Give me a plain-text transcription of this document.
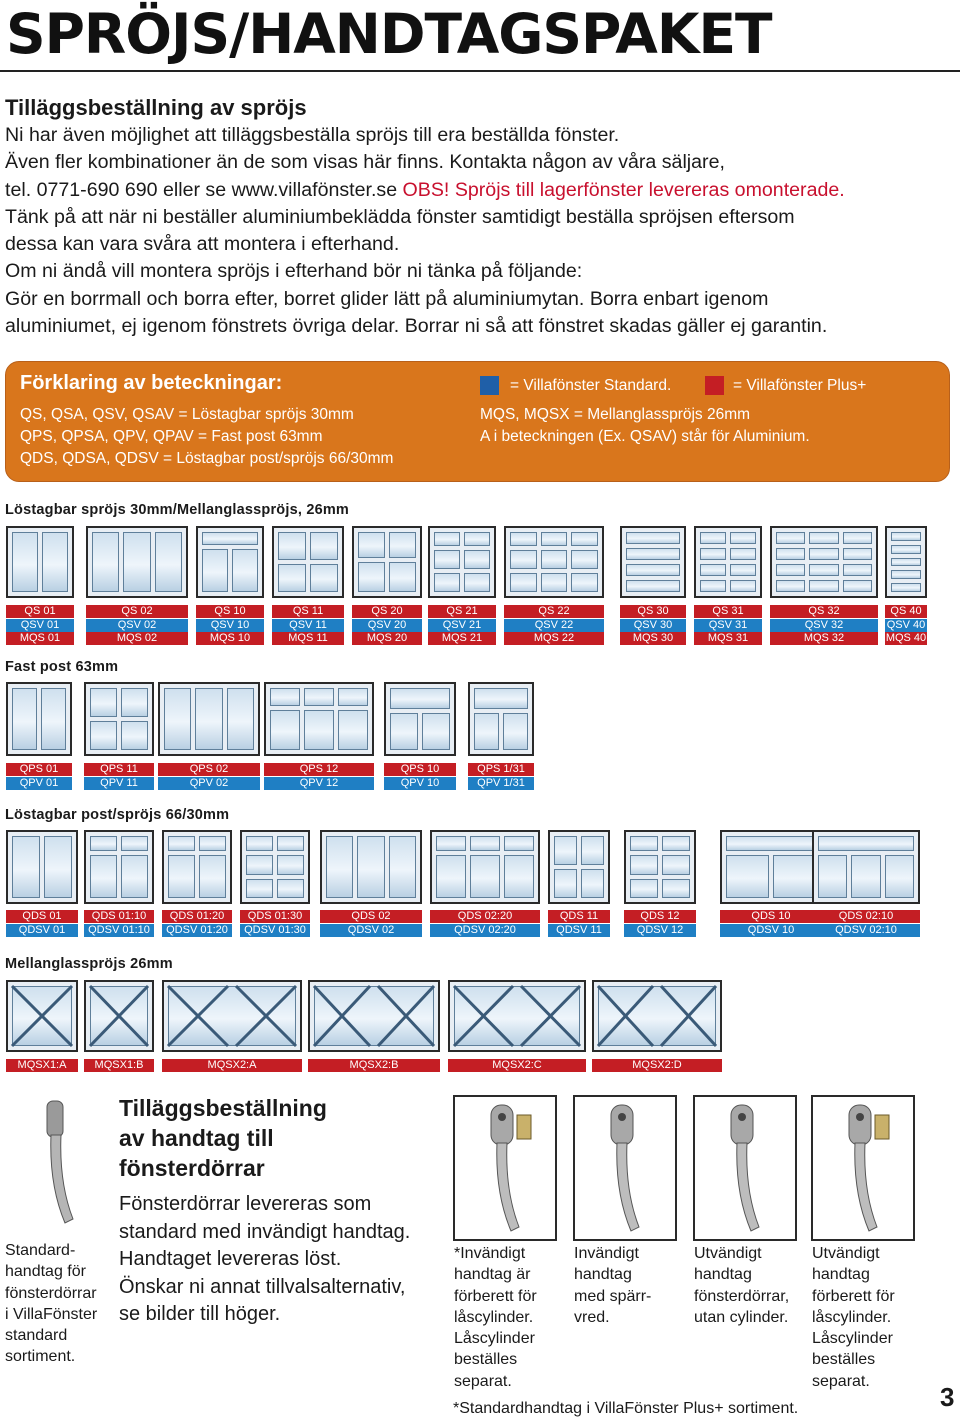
SPRÖJS/HANDTAGSPAKET
Tilläggsbeställning av spröjs

Ni har även möjlighet att tilläggsbeställa spröjs till era beställda fönster.

Även fler kombinationer än de som visas här finns. Kontakta någon av våra säljare,

tel. 0771-690 690 eller se www.villafönster.se OBS! Spröjs till lagerfönster levereras omonterade.

Tänk på att när ni beställer aluminiumbeklädda fönster samtidigt beställa spröjsen eftersom

dessa kan vara svåra att montera i efterhand.

Om ni ändå vill montera spröjs i efterhand bör ni tänka på följande:

Gör en borrmall och borra efter, borret glider lätt på aluminiumytan. Borra enbart igenom

aluminiumet, ej igenom fönstrets övriga delar. Borrar ni så att fönstret skadas gäller ej garantin.

Förklaring av beteckningar:
QS, QSA, QSV, QSAV = Löstagbar spröjs 30mm
QPS, QPSA, QPV, QPAV = Fast post 63mm
QDS, QDSA, QDSV = Löstagbar post/spröjs 66/30mm
= Villafönster Standard.	= Villafönster Plus+
MQS, MQSX = Mellanglasspröjs 26mm
A i beteckningen (Ex. QSAV) står för Aluminium.
Löstagbar spröjs 30mm/Mellanglasspröjs, 26mm
Fast post 63mm
Löstagbar post/spröjs 66/30mm
Mellanglasspröjs 26mm
QS 01
QSV 01
MQS 01
QS 02
QSV 02
MQS 02
QS 10
QSV 10
MQS 10
QS 11
QSV 11
MQS 11
QS 20
QSV 20
MQS 20
QS 21
QSV 21
MQS 21
QS 22
QSV 22
MQS 22
QS 30
QSV 30
MQS 30
QS 31
QSV 31
MQS 31
QS 32
QSV 32
MQS 32
QS 40
QSV 40
MQS 40
QPS 01
QPV 01
QPS 11
QPV 11
QPS 02
QPV 02
QPS 12
QPV 12
QPS 10
QPV 10
QPS 1/31
QPV 1/31
QDS 01
QDSV 01
QDS 01:10
QDSV 01:10
QDS 01:20
QDSV 01:20
QDS 01:30
QDSV 01:30
QDS 02
QDSV 02
QDS 02:20
QDSV 02:20
QDS 11
QDSV 11
QDS 12
QDSV 12
QDS 10
QDSV 10
QDS 02:10
QDSV 02:10
MQSX1:A	MQSX1:B	MQSX2:A	MQSX2:B	MQSX2:C	MQSX2:D
Tilläggsbeställning
av handtag till
fönsterdörrar
Fönsterdörrar levereras som
standard med invändigt handtag.
Handtaget levereras löst.
Önskar ni annat tillvalsalternativ,
se bilder till höger.
Standard-
handtag för
fönsterdörrar
i VillaFönster
standard
sortiment.
*Invändigt
handtag är
förberett för
låscylinder.
Låscylinder
beställes
separat.
Invändigt
handtag
med spärr-
vred.
Utvändigt
handtag
fönsterdörrar,
utan cylinder.
Utvändigt
handtag
förberett för
låscylinder.
Låscylinder
beställes
separat.
*Standardhandtag i VillaFönster Plus+ sortiment.	3
